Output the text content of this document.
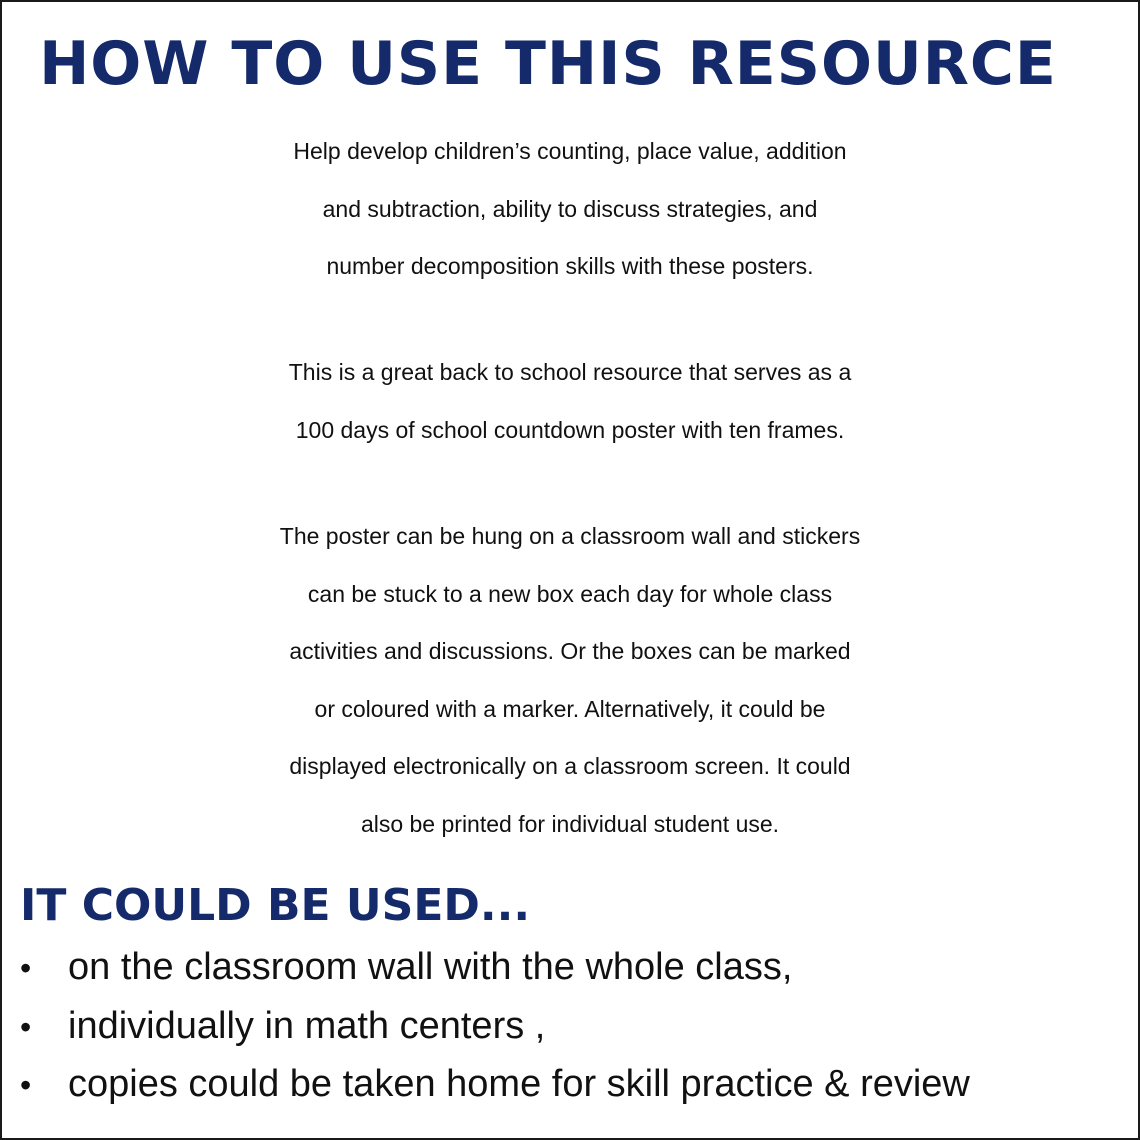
HOW TO USE THIS RESOURCE
Help develop children’s counting, place value, addition
and subtraction, ability to discuss strategies, and
number decomposition skills with these posters.
This is a great back to school resource that serves as a
100 days of school countdown poster with ten frames.
The poster can be hung on a classroom wall and stickers
can be stuck to a new box each day for whole class
activities and discussions. Or the boxes can be marked
or coloured with a marker. Alternatively, it could be
displayed electronically on a classroom screen. It could
also be printed for individual student use.
IT COULD BE USED...
• on the classroom wall with the whole class,
• individually in math centers ,
• copies could be taken home for skill practice & review
